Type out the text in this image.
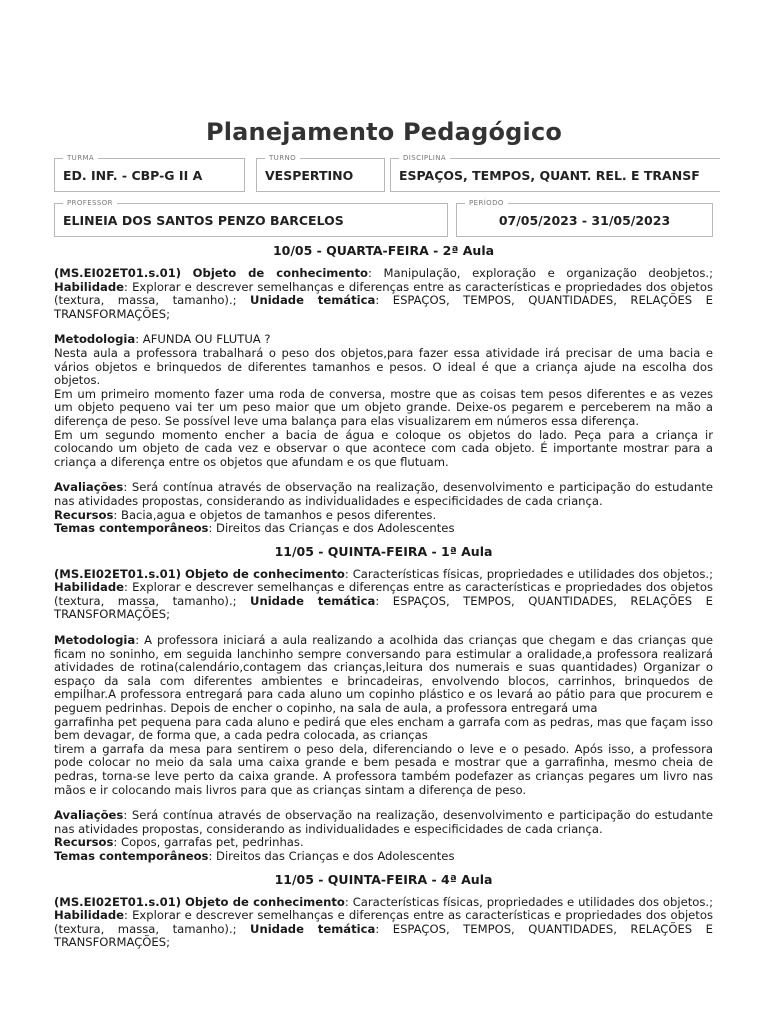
Planejamento Pedagógico
TURMA
ED. INF. - CBP-G II A
TURNO
VESPERTINO
DISCIPLINA
ESPAÇOS, TEMPOS, QUANT. REL. E TRANSF
PROFESSOR
ELINEIA DOS SANTOS PENZO BARCELOS
PERÍODO
07/05/2023 - 31/05/2023
10/05 - QUARTA-FEIRA - 2ª Aula

(MS.EI02ET01.s.01) Objeto de conhecimento: Manipulação, exploração e organização deobjetos.; Habilidade: Explorar e descrever semelhanças e diferenças entre as características e propriedades dos objetos (textura, massa, tamanho).; Unidade temática: ESPAÇOS, TEMPOS, QUANTIDADES, RELAÇÕES E TRANSFORMAÇÕES;

Metodologia: AFUNDA OU FLUTUA ?

Nesta aula a professora trabalhará o peso dos objetos,para fazer essa atividade irá precisar de uma bacia e vários objetos e brinquedos de diferentes tamanhos e pesos. O ideal é que a criança ajude na escolha dos objetos.

Em um primeiro momento fazer uma roda de conversa, mostre que as coisas tem pesos diferentes e as vezes um objeto pequeno vai ter um peso maior que um objeto grande. Deixe-os pegarem e perceberem na mão a diferença de peso. Se possível leve uma balança para elas visualizarem em números essa diferença.

Em um segundo momento encher a bacia de água e coloque os objetos do lado. Peça para a criança ir colocando um objeto de cada vez e observar o que acontece com cada objeto. É importante mostrar para a criança a diferença entre os objetos que afundam e os que flutuam.

Avaliações: Será contínua através de observação na realização, desenvolvimento e participação do estudante nas atividades propostas, considerando as individualidades e especificidades de cada criança.

Recursos: Bacia,agua e objetos de tamanhos e pesos diferentes.

Temas contemporâneos: Direitos das Crianças e dos Adolescentes

11/05 - QUINTA-FEIRA - 1ª Aula

(MS.EI02ET01.s.01) Objeto de conhecimento: Características físicas, propriedades e utilidades dos objetos.; Habilidade: Explorar e descrever semelhanças e diferenças entre as características e propriedades dos objetos (textura, massa, tamanho).; Unidade temática: ESPAÇOS, TEMPOS, QUANTIDADES, RELAÇÕES E TRANSFORMAÇÕES;

Metodologia: A professora iniciará a aula realizando a acolhida das crianças que chegam e das crianças que ficam no soninho, em seguida lanchinho sempre conversando para estimular a oralidade,a professora realizará atividades de rotina(calendário,contagem das crianças,leitura dos numerais e suas quantidades) Organizar o espaço da sala com diferentes ambientes e brincadeiras, envolvendo blocos, carrinhos, brinquedos de empilhar.A professora entregará para cada aluno um copinho plástico e os levará ao pátio para que procurem e peguem pedrinhas. Depois de encher o copinho, na sala de aula, a professora entregará uma

garrafinha pet pequena para cada aluno e pedirá que eles encham a garrafa com as pedras, mas que façam isso bem devagar, de forma que, a cada pedra colocada, as crianças

tirem a garrafa da mesa para sentirem o peso dela, diferenciando o leve e o pesado. Após isso, a professora pode colocar no meio da sala uma caixa grande e bem pesada e mostrar que a garrafinha, mesmo cheia de pedras, torna-se leve perto da caixa grande. A professora também podefazer as crianças pegares um livro nas mãos e ir colocando mais livros para que as crianças sintam a diferença de peso.

Avaliações: Será contínua através de observação na realização, desenvolvimento e participação do estudante nas atividades propostas, considerando as individualidades e especificidades de cada criança.

Recursos: Copos, garrafas pet, pedrinhas.

Temas contemporâneos: Direitos das Crianças e dos Adolescentes

11/05 - QUINTA-FEIRA - 4ª Aula

(MS.EI02ET01.s.01) Objeto de conhecimento: Características físicas, propriedades e utilidades dos objetos.; Habilidade: Explorar e descrever semelhanças e diferenças entre as características e propriedades dos objetos (textura, massa, tamanho).; Unidade temática: ESPAÇOS, TEMPOS, QUANTIDADES, RELAÇÕES E TRANSFORMAÇÕES;
